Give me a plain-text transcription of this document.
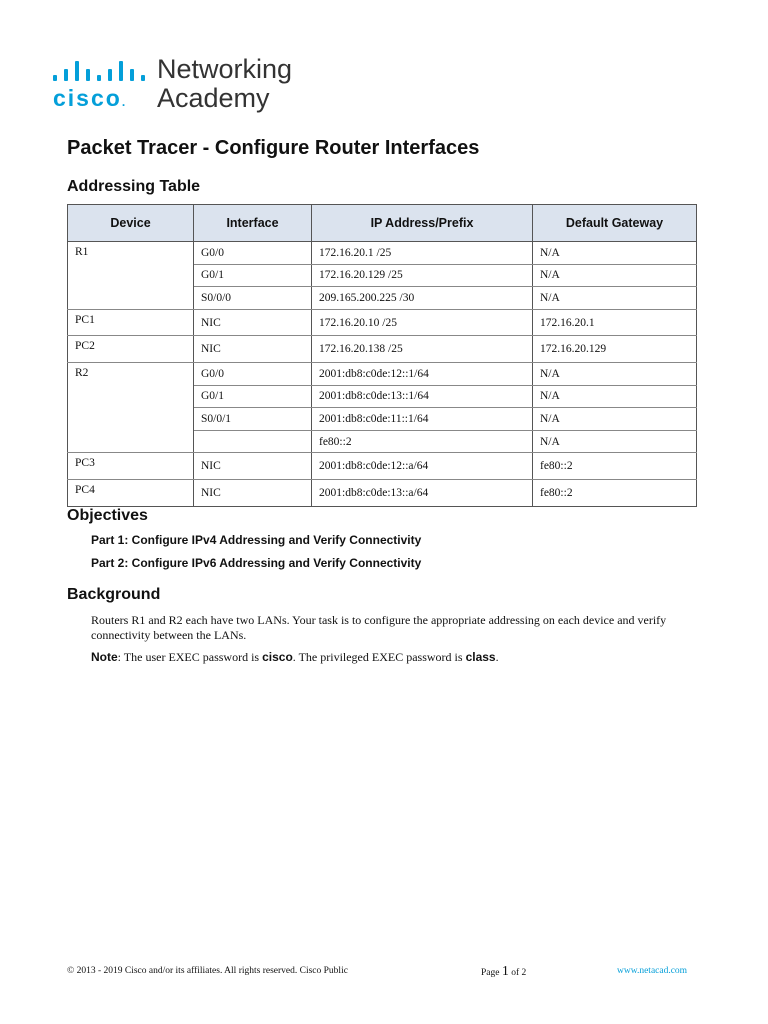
cisco.
Networking
Academy
Packet Tracer - Configure Router Interfaces
Addressing Table
Device	Interface	IP Address/Prefix	Default Gateway
R1	G0/0	172.16.20.1 /25	N/A
	G0/1	172.16.20.129 /25	N/A
	S0/0/0	209.165.200.225 /30	N/A
PC1	NIC	172.16.20.10 /25	172.16.20.1
PC2	NIC	172.16.20.138 /25	172.16.20.129
R2	G0/0	2001:db8:c0de:12::1/64	N/A
	G0/1	2001:db8:c0de:13::1/64	N/A
	S0/0/1	2001:db8:c0de:11::1/64	N/A
		fe80::2	N/A
PC3	NIC	2001:db8:c0de:12::a/64	fe80::2
PC4	NIC	2001:db8:c0de:13::a/64	fe80::2
Objectives
Part 1: Configure IPv4 Addressing and Verify Connectivity
Part 2: Configure IPv6 Addressing and Verify Connectivity
Background
Routers R1 and R2 each have two LANs. Your task is to configure the appropriate addressing on each device and verify connectivity between the LANs.
Note: The user EXEC password is cisco. The privileged EXEC password is class.
© 2013 - 2019 Cisco and/or its affiliates. All rights reserved. Cisco Public	Page 1 of 2	www.netacad.com
